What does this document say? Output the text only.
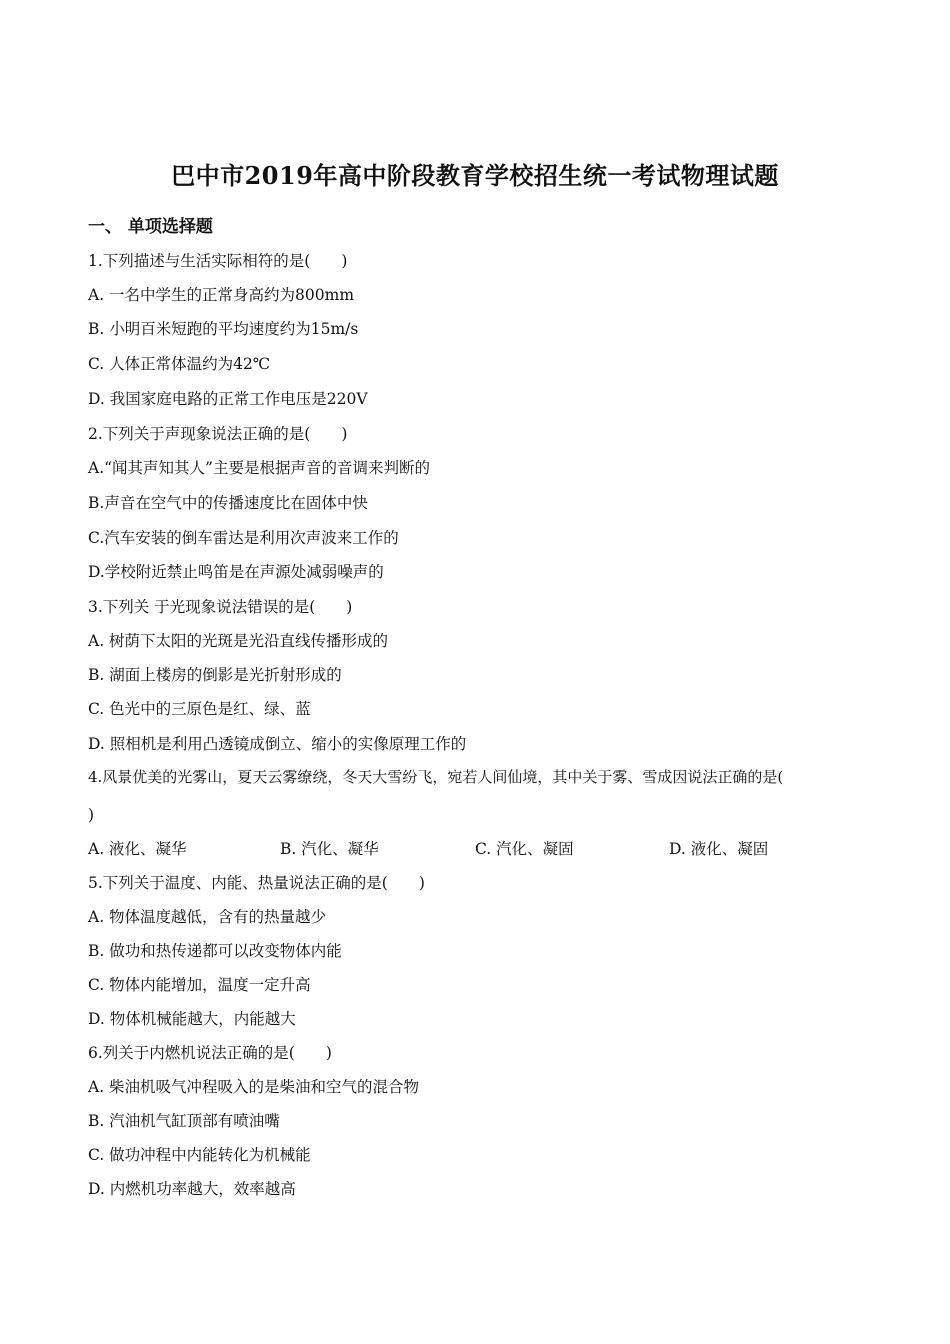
巴中市2019年高中阶段教育学校招生统一考试物理试题
一、 单项选择题
1.下列描述与生活实际相符的是(　　)
A. 一名中学生的正常身高约为800mm
B. 小明百米短跑的平均速度约为15m/s
C. 人体正常体温约为42℃
D. 我国家庭电路的正常工作电压是220V
2.下列关于声现象说法正确的是(　　)
A.“闻其声知其人”主要是根据声音的音调来判断的
B.声音在空气中的传播速度比在固体中快
C.汽车安装的倒车雷达是利用次声波来工作的
D.学校附近禁止鸣笛是在声源处减弱噪声的
3.下列关 于光现象说法错误的是(　　)
A. 树荫下太阳的光斑是光沿直线传播形成的
B. 湖面上楼房的倒影是光折射形成的
C. 色光中的三原色是红、绿、蓝
D. 照相机是利用凸透镜成倒立、缩小的实像原理工作的
4.风景优美的光雾山，夏天云雾缭绕，冬天大雪纷飞，宛若人间仙境，其中关于雾、雪成因说法正确的是(
)
A. 液化、凝华	B. 汽化、凝华	C. 汽化、凝固	D. 液化、凝固
5.下列关于温度、内能、热量说法正确的是(　　)
A. 物体温度越低，含有的热量越少
B. 做功和热传递都可以改变物体内能
C. 物体内能增加，温度一定升高
D. 物体机械能越大，内能越大
6.列关于内燃机说法正确的是(　　)
A. 柴油机吸气冲程吸入的是柴油和空气的混合物
B. 汽油机气缸顶部有喷油嘴
C. 做功冲程中内能转化为机械能
D. 内燃机功率越大，效率越高
